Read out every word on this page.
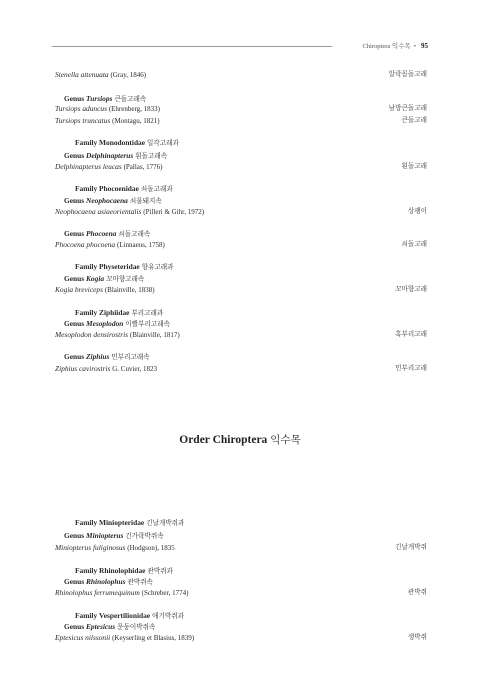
Chiroptera 익수목 • 95
Order Chiroptera 익수목
Stenella attenuata (Gray, 1846)	알락꼽돌고래
Genus Tursiops 큰돌고래속
Tursiops aduncus (Ehrenberg, 1833)	남방큰돌고래
Tursiops truncatus (Montagu, 1821)	큰돌고래
Family Monodontidae 일각고래과
Genus Delphinapterus 흰돌고래속
Delphinapterus leucas (Pallas, 1776)	흰돌고래
Family Phocoenidae 쇠돌고래과
Genus Neophocaena 쇠물돼지속
Neophocaena asiaeorientalis (Pilleri & Gihr, 1972)	상괭이
Genus Phocoena 쇠돌고래속
Phocoena phocoena (Linnaeus, 1758)	쇠돌고래
Family Physeteridae 향유고래과
Genus Kogia 꼬마향고래속
Kogia breviceps (Blainville, 1838)	꼬마향고래
Family Ziphiidae 부리고래과
Genus Mesoplodon 이빨부리고래속
Mesoplodon densirostris (Blainville, 1817)	혹부리고래
Genus Ziphius 민부리고래속
Ziphius cavirostris G. Cuvier, 1823	민부리고래
Family Miniopteridae 긴날개박쥐과
Genus Miniopterus 긴가락박쥐속
Miniopterus fuliginosus (Hodgson), 1835	긴날개박쥐
Family Rhinolophidae 관박쥐과
Genus Rhinolophus 관박쥐속
Rhinolophus ferrumequinum (Schreber, 1774)	관박쥐
Family Vespertilionidae 애기박쥐과
Genus Eptesicus 문둥이박쥐속
Eptesicus nilssonii (Keyserling et Blasius, 1839)	생박쥐
